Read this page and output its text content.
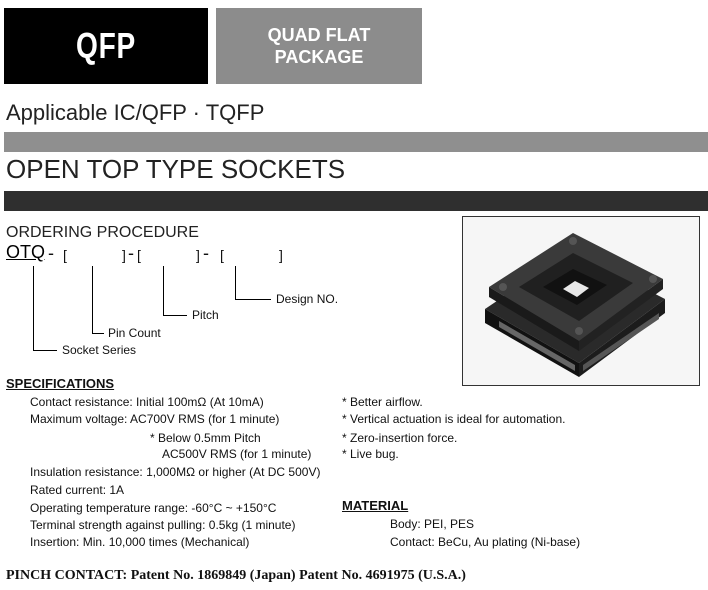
QFP	QUAD FLAT
PACKAGE
Applicable IC/QFP · TQFP
OPEN TOP TYPE SOCKETS
ORDERING PROCEDURE
OTQ - [	] - [	] - [	]
Design NO.
Pitch
Pin Count
Socket Series
SPECIFICATIONS
Contact resistance: Initial 100mΩ (At 10mA)
Maximum voltage: AC700V RMS (for 1 minute)
* Below 0.5mm Pitch
AC500V RMS (for 1 minute)
Insulation resistance: 1,000MΩ or higher (At DC 500V)
Rated current: 1A
Operating temperature range: -60°C ~ +150°C
Terminal strength against pulling: 0.5kg (1 minute)
Insertion: Min. 10,000 times (Mechanical)
* Better airflow.
* Vertical actuation is ideal for automation.
* Zero-insertion force.
* Live bug.
MATERIAL
Body: PEI, PES
Contact: BeCu, Au plating (Ni-base)
PINCH CONTACT: Patent No. 1869849 (Japan) Patent No. 4691975 (U.S.A.)
